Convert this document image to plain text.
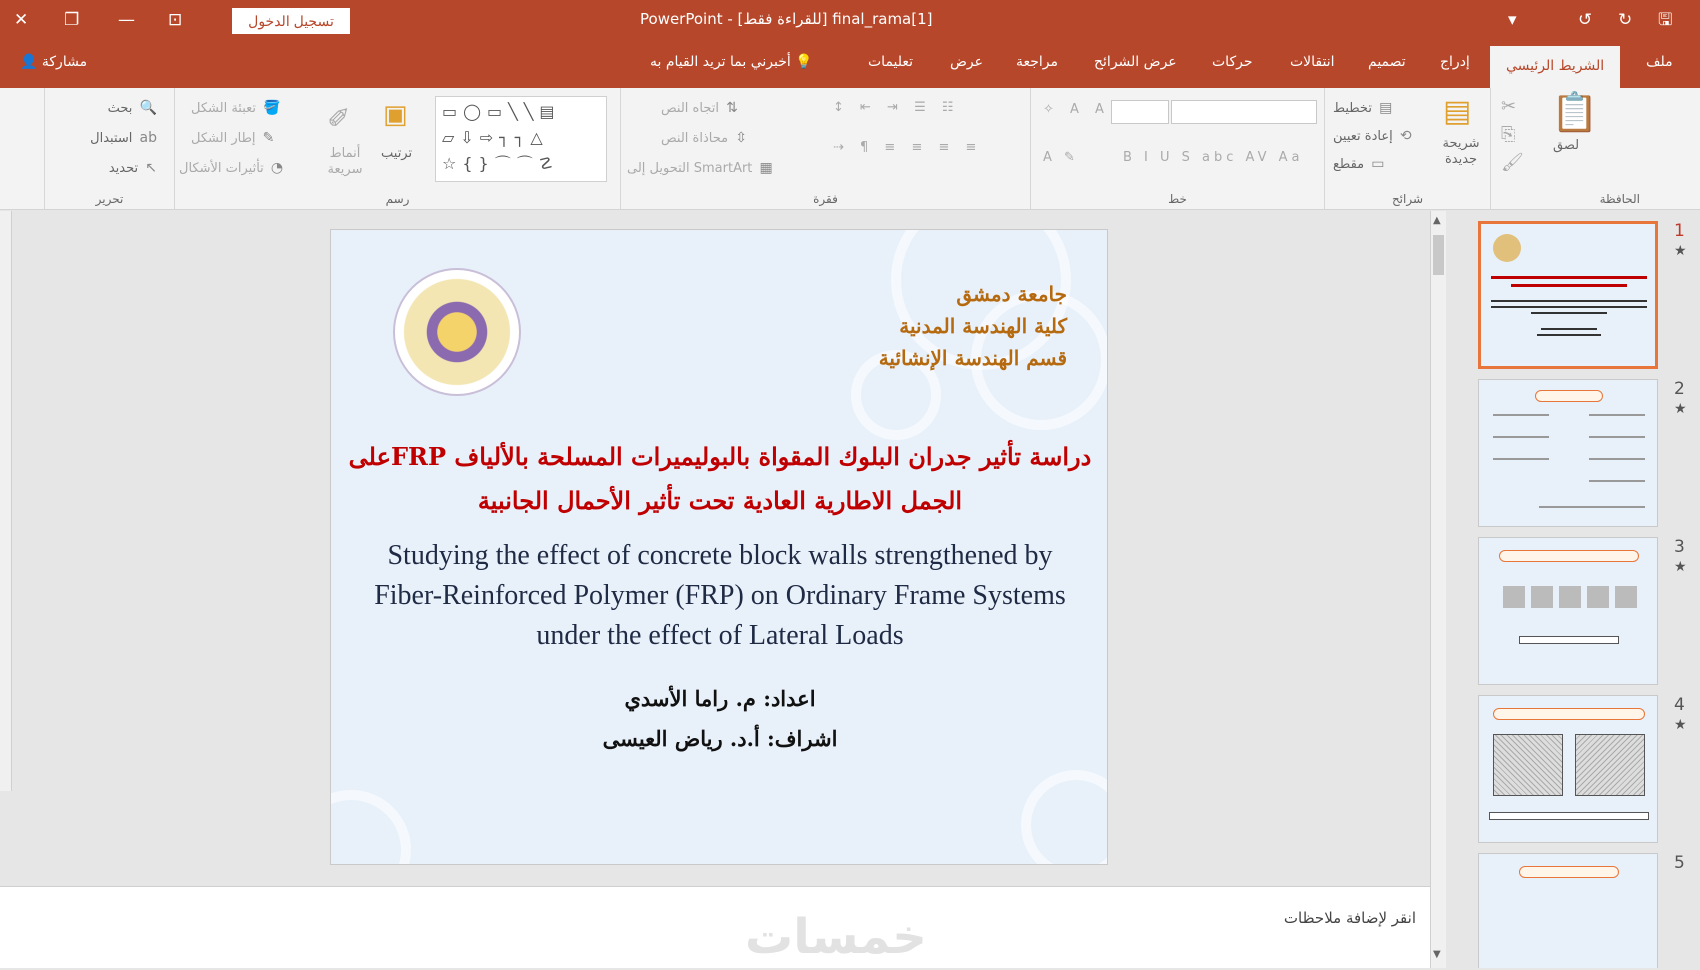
✕ ❐ — ⊡	تسجيل الدخول	PowerPoint - [للقراءة فقط] final_rama[1]	▾	↺ ↻ 🖫
👤 مشاركة	أخبرني بما تريد القيام به 💡	تعليمات	عرض مراجعة	عرض الشرائح	حركات	انتقالات تصميم إدراج	الشريط الرئيسي	ملف
بحث 🔍
استبدال ab
تحديد ↖
تحرير
تعبئة الشكل 🪣
إطار الشكل ✎
تأثيرات الأشكال ◔
✐
أنماط سريعة
▣
ترتيب
▭◯▭╲╲▤ ▱⇩⇨┐┐△ ☆{}⌒⌒☡
رسم
اتجاه النص ⇅
محاذاة النص ⇳
التحويل إلى SmartArt ▦
↕ ⇤ ⇥ ☰ ☷
⇢ ¶ ≡ ≡ ≡ ≡
فقرة
✧ A A
A ✎	B I U S abc AV Aa
خط
تخطيط ▤
إعادة تعيين ⟲
مقطع ▭
▤
شريحة جديدة
شرائح
✂
⎘
🖌
📋
لصق
الحافظة
جامعة دمشق
كلية الهندسة المدنية
قسم الهندسة الإنشائية
دراسة تأثير جدران البلوك المقواة بالبوليميرات المسلحة بالألياف FRPعلى
الجمل الاطارية العادية تحت تأثير الأحمال الجانبية
Studying the effect of concrete block walls strengthened by
Fiber-Reinforced Polymer (FRP) on Ordinary Frame Systems
under the effect of Lateral Loads
اعداد: م. راما الأسدي
اشراف: أ.د. رياض العيسى
انقر لإضافة ملاحظات
خمسات
▲
▼
1
★
2
★
3
★
4
★
5
